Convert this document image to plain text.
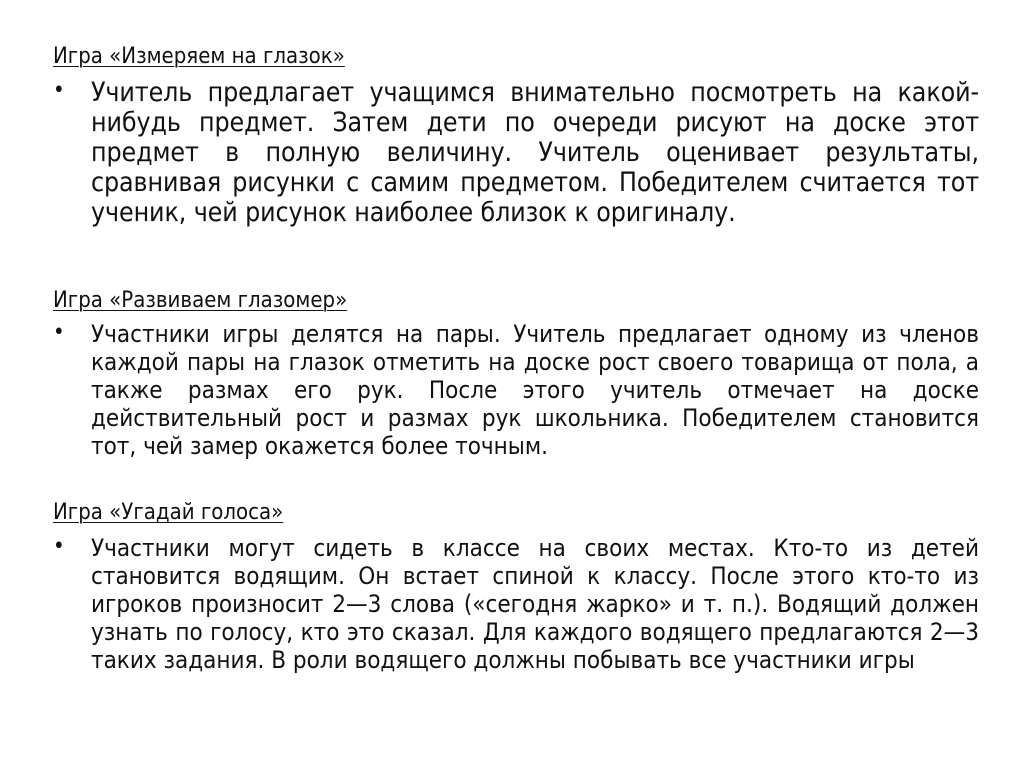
Игра «Измеряем на глазок»

• Учитель предлагает учащимся внимательно посмотреть на какой-нибудь предмет. Затем дети по очереди рисуют на доске этот предмет в полную величину. Учитель оценивает результаты, сравнивая рисунки с самим предметом. Победителем считается тот ученик, чей рисунок наиболее близок к оригиналу.

Игра «Развиваем глазомер»

• Участники игры делятся на пары. Учитель предлагает одному из членов каждой пары на глазок отметить на доске рост своего товарища от пола, а также размах его рук. После этого учитель отмечает на доске действительный рост и размах рук школьника. Победителем становится тот, чей замер окажется более точным.

Игра «Угадай голоса»

• Участники могут сидеть в классе на своих местах. Кто-то из детей становится водящим. Он встает спиной к классу. После этого кто-то из игроков произносит 2—3 слова («сегодня жарко» и т. п.). Водящий должен узнать по голосу, кто это сказал. Для каждого водящего предлагаются 2—3 таких задания. В роли водящего должны побывать все участники игры
